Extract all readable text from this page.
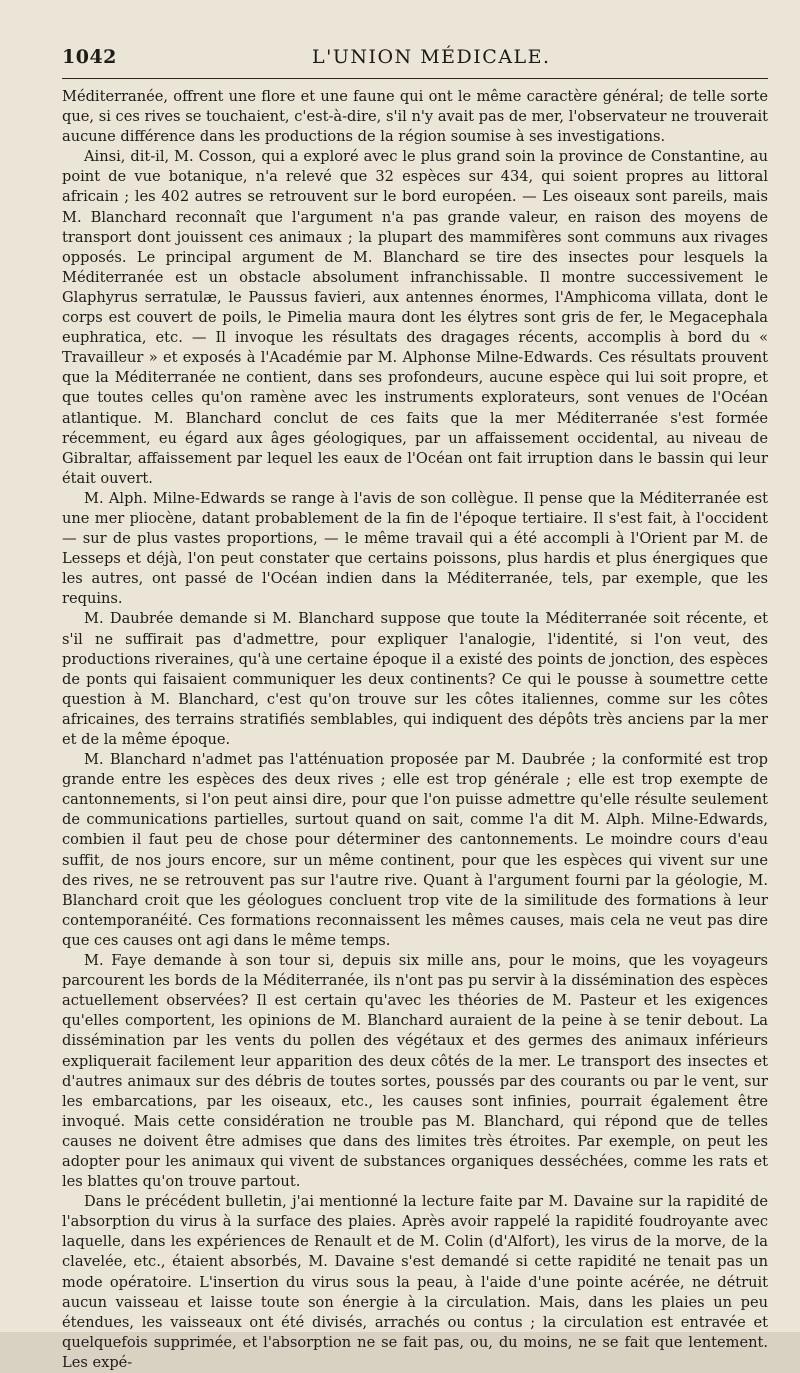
1042	L'UNION MÉDICALE.

Méditerranée, offrent une flore et une faune qui ont le même caractère général; de telle sorte que, si ces rives se touchaient, c'est-à-dire, s'il n'y avait pas de mer, l'observateur ne trouverait aucune différence dans les productions de la région soumise à ses investigations.

Ainsi, dit-il, M. Cosson, qui a exploré avec le plus grand soin la province de Constantine, au point de vue botanique, n'a relevé que 32 espèces sur 434, qui soient propres au littoral africain ; les 402 autres se retrouvent sur le bord européen. — Les oiseaux sont pareils, mais M. Blanchard reconnaît que l'argument n'a pas grande valeur, en raison des moyens de transport dont jouissent ces animaux ; la plupart des mammifères sont communs aux rivages opposés. Le principal argument de M. Blanchard se tire des insectes pour lesquels la Méditerranée est un obstacle absolument infranchissable. Il montre successivement le Glaphyrus serratulæ, le Paussus favieri, aux antennes énormes, l'Amphicoma villata, dont le corps est couvert de poils, le Pimelia maura dont les élytres sont gris de fer, le Megacephala euphratica, etc. — Il invoque les résultats des dragages récents, accomplis à bord du « Travailleur » et exposés à l'Académie par M. Alphonse Milne-Edwards. Ces résultats prouvent que la Méditerranée ne contient, dans ses profondeurs, aucune espèce qui lui soit propre, et que toutes celles qu'on ramène avec les instruments explorateurs, sont venues de l'Océan atlantique. M. Blanchard conclut de ces faits que la mer Méditerranée s'est formée récemment, eu égard aux âges géologiques, par un affaissement occidental, au niveau de Gibraltar, affaissement par lequel les eaux de l'Océan ont fait irruption dans le bassin qui leur était ouvert.

M. Alph. Milne-Edwards se range à l'avis de son collègue. Il pense que la Méditerranée est une mer pliocène, datant probablement de la fin de l'époque tertiaire. Il s'est fait, à l'occident — sur de plus vastes proportions, — le même travail qui a été accompli à l'Orient par M. de Lesseps et déjà, l'on peut constater que certains poissons, plus hardis et plus énergiques que les autres, ont passé de l'Océan indien dans la Méditerranée, tels, par exemple, que les requins.

M. Daubrée demande si M. Blanchard suppose que toute la Méditerranée soit récente, et s'il ne suffirait pas d'admettre, pour expliquer l'analogie, l'identité, si l'on veut, des productions riveraines, qu'à une certaine époque il a existé des points de jonction, des espèces de ponts qui faisaient communiquer les deux continents? Ce qui le pousse à soumettre cette question à M. Blanchard, c'est qu'on trouve sur les côtes italiennes, comme sur les côtes africaines, des terrains stratifiés semblables, qui indiquent des dépôts très anciens par la mer et de la même époque.

M. Blanchard n'admet pas l'atténuation proposée par M. Daubrée ; la conformité est trop grande entre les espèces des deux rives ; elle est trop générale ; elle est trop exempte de cantonnements, si l'on peut ainsi dire, pour que l'on puisse admettre qu'elle résulte seulement de communications partielles, surtout quand on sait, comme l'a dit M. Alph. Milne-Edwards, combien il faut peu de chose pour déterminer des cantonnements. Le moindre cours d'eau suffit, de nos jours encore, sur un même continent, pour que les espèces qui vivent sur une des rives, ne se retrouvent pas sur l'autre rive. Quant à l'argument fourni par la géologie, M. Blanchard croit que les géologues concluent trop vite de la similitude des formations à leur contemporanéité. Ces formations reconnaissent les mêmes causes, mais cela ne veut pas dire que ces causes ont agi dans le même temps.

M. Faye demande à son tour si, depuis six mille ans, pour le moins, que les voyageurs parcourent les bords de la Méditerranée, ils n'ont pas pu servir à la dissémination des espèces actuellement observées? Il est certain qu'avec les théories de M. Pasteur et les exigences qu'elles comportent, les opinions de M. Blanchard auraient de la peine à se tenir debout. La dissémination par les vents du pollen des végétaux et des germes des animaux inférieurs expliquerait facilement leur apparition des deux côtés de la mer. Le transport des insectes et d'autres animaux sur des débris de toutes sortes, poussés par des courants ou par le vent, sur les embarcations, par les oiseaux, etc., les causes sont infinies, pourrait également être invoqué. Mais cette considération ne trouble pas M. Blanchard, qui répond que de telles causes ne doivent être admises que dans des limites très étroites. Par exemple, on peut les adopter pour les animaux qui vivent de substances organiques desséchées, comme les rats et les blattes qu'on trouve partout.

Dans le précédent bulletin, j'ai mentionné la lecture faite par M. Davaine sur la rapidité de l'absorption du virus à la surface des plaies. Après avoir rappelé la rapidité foudroyante avec laquelle, dans les expériences de Renault et de M. Colin (d'Alfort), les virus de la morve, de la clavelée, etc., étaient absorbés, M. Davaine s'est demandé si cette rapidité ne tenait pas un mode opératoire. L'insertion du virus sous la peau, à l'aide d'une pointe acérée, ne détruit aucun vaisseau et laisse toute son énergie à la circulation. Mais, dans les plaies un peu étendues, les vaisseaux ont été divisés, arrachés ou contus ; la circulation est entravée et quelquefois supprimée, et l'absorption ne se fait pas, ou, du moins, ne se fait que lentement. Les expé-
